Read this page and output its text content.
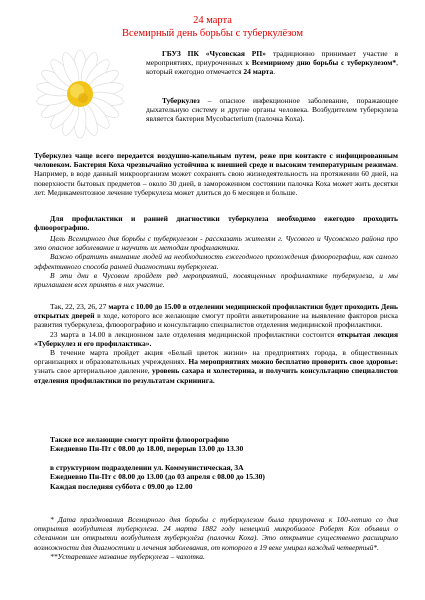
24 марта
Всемирный день борьбы с туберкулёзом

ГБУЗ ПК «Чусовская РП» традиционно принимает участие в мероприятиях, приуроченных к Всемирному дню борьбы с туберкулезом*, который ежегодно отмечается 24 марта.

Туберкулез – опасное инфекционное заболевание, поражающее дыхательную систему и другие органы человека. Возбудителем туберкулеза является бактерия Mycobacterium (палочка Коха).

Туберкулез чаще всего передается воздушно-капельным путем, реже при контакте с инфицированным человеком. Бактерия Коха чрезвычайно устойчива к внешней среде и высоким температурным режимам. Например, в воде данный микроорганизм может сохранять свою жизнедеятельность на протяжении 60 дней, на поверхности бытовых предметов – около 30 дней, в замороженном состоянии палочка Коха может жить десятки лет. Медикаментозное лечение туберкулеза может длиться до 6 месяцев и больше.

Для профилактики и ранней диагностики туберкулеза необходимо ежегодно проходить флюорографию.

Цель Всемирного дня борьбы с туберкулезом - рассказать жителям г. Чусового и Чусовского района про это опасное заболевание и научить их методам профилактики.

Важно обратить внимание людей на необходимость ежегодного прохождения флюорографии, как самого эффективного способа ранней диагностики туберкулеза.

В эти дни в Чусовом пройдет ряд мероприятий, посвященных профилактике туберкулеза, и мы приглашаем всех принять в них участие.

Так, 22, 23, 26, 27 марта с 10.00 до 15.00 в отделении медицинской профилактики будет проходить День открытых дверей в ходе, которого все желающие смогут пройти анкетирование на выявление факторов риска развития туберкулеза, флюорографию и консультацию специалистов отделения медицинской профилактики.

23 марта в 14.00 в лекционном зале отделения медицинской профилактики состоится открытая лекция «Туберкулез и его профилактика».

В течение марта пройдет акция «Белый цветок жизни» на предприятиях города, в общественных организациях и образовательных учреждениях. На мероприятиях можно бесплатно проверить свое здоровье: узнать свое артериальное давление, уровень сахара и холестерина, и получить консультацию специалистов отделения профилактики по результатам скрининга.

Также все желающие смогут пройти флюорографию

Ежедневно Пн-Пт с 08.00 до 18.00, перерыв 13.00 до 13.30

в структурном подразделении ул. Коммунистическая, 3А

Ежедневно Пн-Пт с 08.00 до 13.00 (до 03 апреля с 08.00 до 15.30)

Каждая последняя суббота с 09.00 до 12.00

* Дата празднования Всемирного дня борьбы с туберкулезом была приурочена к 100-летию со дня открытия возбудителя туберкулеза. 24 марта 1882 году немецкий микробиолог Роберт Кох объявил о сделанном им открытии возбудителя туберкулёза (палочки Коха). Это открытие существенно расширило возможности для диагностики и лечения заболевания, от которого в 19 веке умирал каждый четвертый*.

**Устаревшее название туберкулеза – чахотка.
